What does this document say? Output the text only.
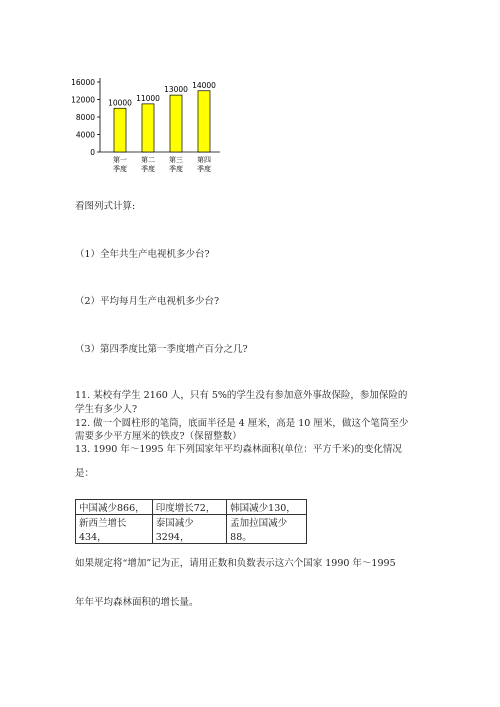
0
4000
8000
12000
16000
10000
第一
季度
11000
第二
季度
13000
第三
季度
14000
第四
季度
看图列式计算:
（1）全年共生产电视机多少台?
（2）平均每月生产电视机多少台?
（3）第四季度比第一季度增产百分之几?
11. 某校有学生 2160 人，只有 5%的学生没有参加意外事故保险，参加保险的
学生有多少人?
12. 做一个圆柱形的笔筒，底面半径是 4 厘米，高是 10 厘米，做这个笔筒至少
需要多少平方厘米的铁皮?（保留整数）
13. 1990 年～1995 年下列国家年平均森林面积(单位：平方千米)的变化情况
是：
中国减少866，	印度增长72，	韩国减少130，
新西兰增长434，	泰国减少3294，	孟加拉国减少88。
如果规定将“增加”记为正，请用正数和负数表示这六个国家 1990 年～1995
年年平均森林面积的增长量。
